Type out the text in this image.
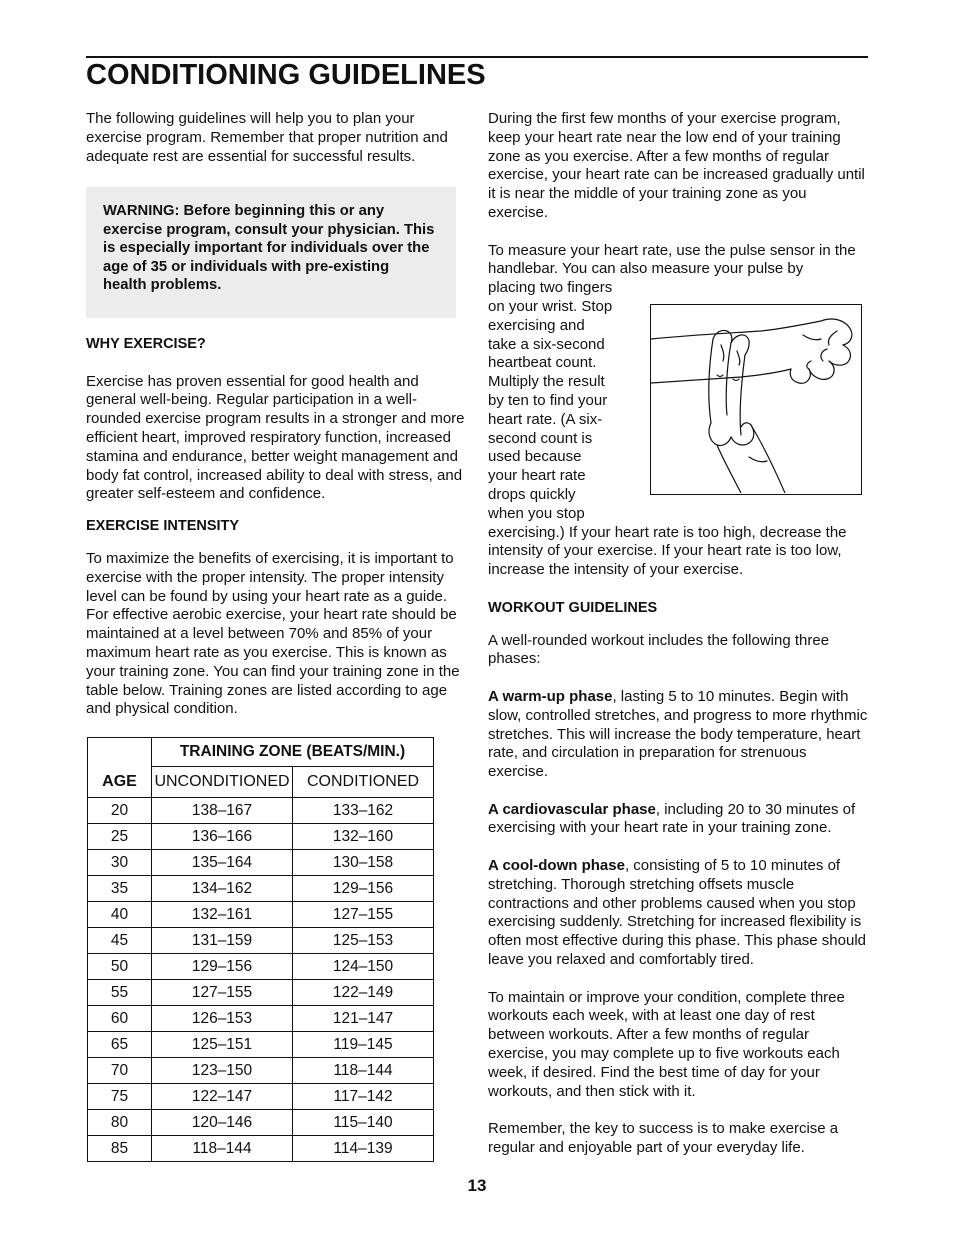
CONDITIONING GUIDELINES

The following guidelines will help you to plan your exercise program. Remember that proper nutrition and adequate rest are essential for successful results.

WARNING: Before beginning this or any exercise program, consult your physician. This is especially important for individuals over the age of 35 or individuals with pre-existing health problems.

WHY EXERCISE?

Exercise has proven essential for good health and general well-being. Regular participation in a well-rounded exercise program results in a stronger and more efficient heart, improved respiratory function, increased stamina and endurance, better weight management and body fat control, increased ability to deal with stress, and greater self-esteem and confidence.

EXERCISE INTENSITY

To maximize the benefits of exercising, it is important to exercise with the proper intensity. The proper intensity level can be found by using your heart rate as a guide. For effective aerobic exercise, your heart rate should be maintained at a level between 70% and 85% of your maximum heart rate as you exercise. This is known as your training zone. You can find your training zone in the table below. Training zones are listed according to age and physical condition.

	TRAINING ZONE (BEATS/MIN.)	
AGE	UNCONDITIONED	CONDITIONED
20	138–167	133–162
25	136–166	132–160
30	135–164	130–158
35	134–162	129–156
40	132–161	127–155
45	131–159	125–153
50	129–156	124–150
55	127–155	122–149
60	126–153	121–147
65	125–151	119–145
70	123–150	118–144
75	122–147	117–142
80	120–146	115–140
85	118–144	114–139

During the first few months of your exercise program, keep your heart rate near the low end of your training zone as you exercise. After a few months of regular exercise, your heart rate can be increased gradually until it is near the middle of your training zone as you exercise.

To measure your heart rate, use the pulse sensor in the handlebar. You can also measure your pulse by

placing two fingers
on your wrist. Stop
exercising and
take a six-second
heartbeat count.
Multiply the result
by ten to find your
heart rate. (A six-
second count is
used because
your heart rate
drops quickly
when you stop

exercising.) If your heart rate is too high, decrease the intensity of your exercise. If your heart rate is too low, increase the intensity of your exercise.

WORKOUT GUIDELINES

A well-rounded workout includes the following three phases:

A warm-up phase, lasting 5 to 10 minutes. Begin with slow, controlled stretches, and progress to more rhythmic stretches. This will increase the body temperature, heart rate, and circulation in preparation for strenuous exercise.

A cardiovascular phase, including 20 to 30 minutes of exercising with your heart rate in your training zone.

A cool-down phase, consisting of 5 to 10 minutes of stretching. Thorough stretching offsets muscle contractions and other problems caused when you stop exercising suddenly. Stretching for increased flexibility is often most effective during this phase. This phase should leave you relaxed and comfortably tired.

To maintain or improve your condition, complete three workouts each week, with at least one day of rest between workouts. After a few months of regular exercise, you may complete up to five workouts each week, if desired. Find the best time of day for your workouts, and then stick with it.

Remember, the key to success is to make exercise a regular and enjoyable part of your everyday life.

13
